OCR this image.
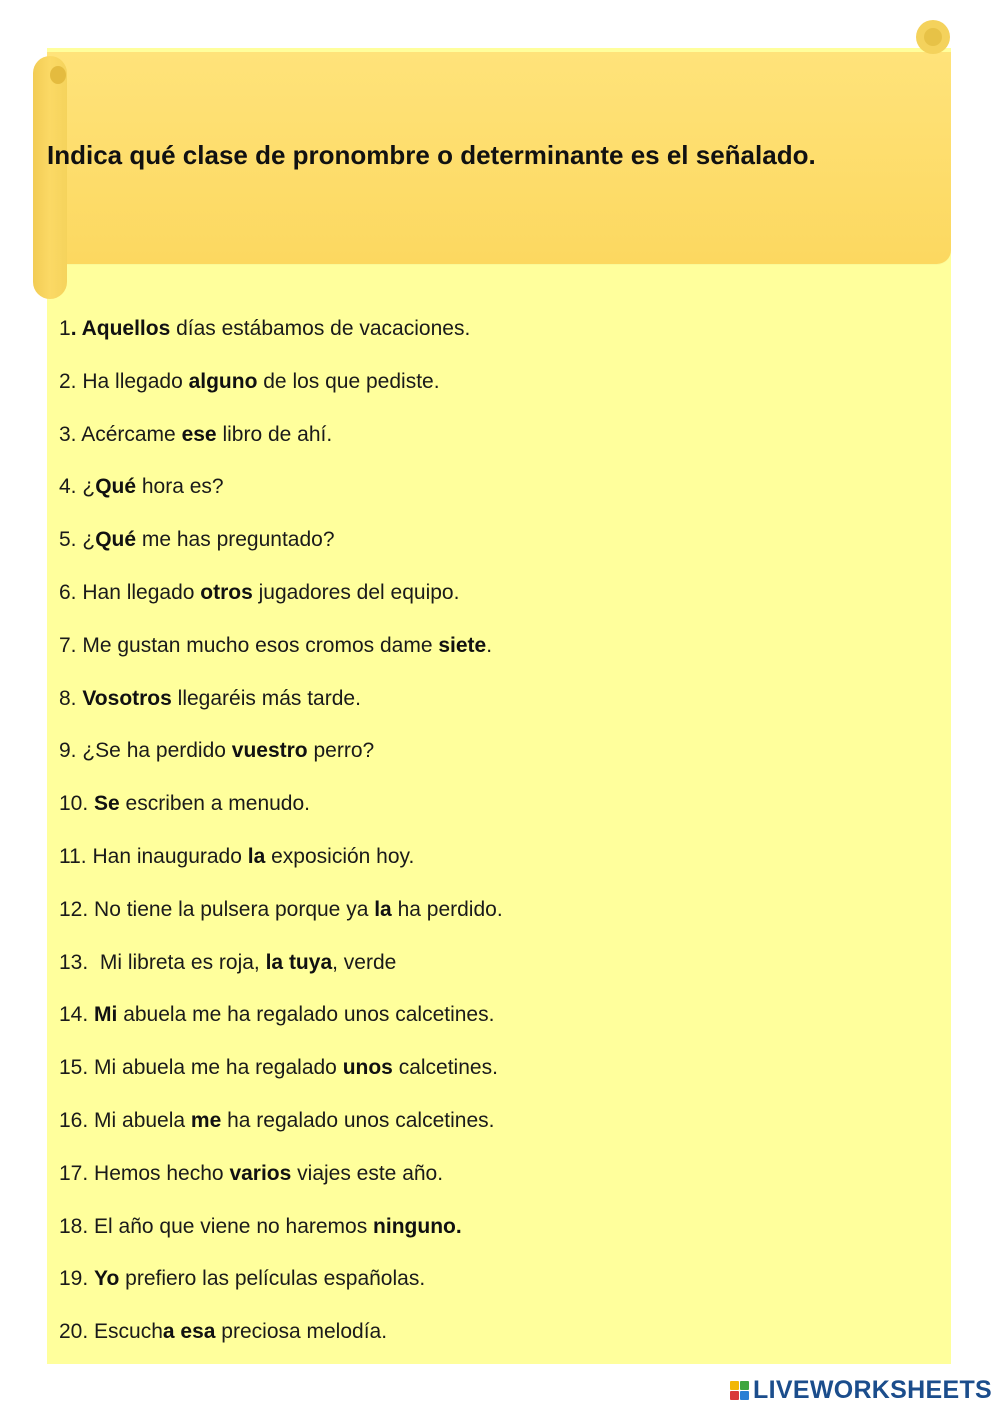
Indica qué clase de pronombre o determinante es el señalado.
1. Aquellos días estábamos de vacaciones.
2. Ha llegado alguno de los que pediste.
3. Acércame ese libro de ahí.
4. ¿Qué hora es?
5. ¿Qué me has preguntado?
6. Han llegado otros jugadores del equipo.
7. Me gustan mucho esos cromos dame siete.
8. Vosotros llegaréis más tarde.
9. ¿Se ha perdido vuestro perro?
10. Se escriben a menudo.
11. Han inaugurado la exposición hoy.
12. No tiene la pulsera porque ya la ha perdido.
13.  Mi libreta es roja, la tuya, verde
14. Mi abuela me ha regalado unos calcetines.
15. Mi abuela me ha regalado unos calcetines.
16. Mi abuela me ha regalado unos calcetines.
17. Hemos hecho varios viajes este año.
18. El año que viene no haremos ninguno.
19. Yo prefiero las películas españolas.
20. Escucha esa preciosa melodía.
LIVEWORKSHEETS
